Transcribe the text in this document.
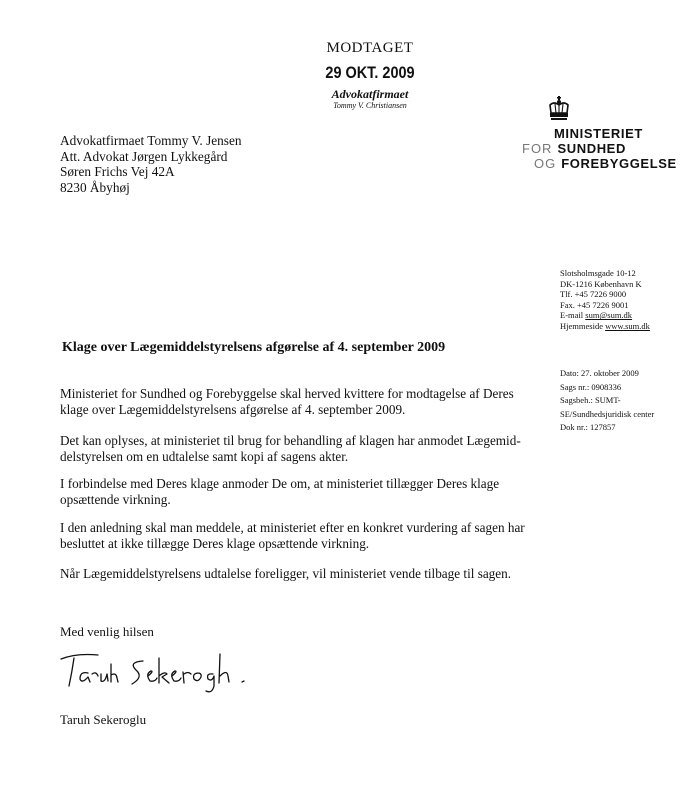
MODTAGET
29 OKT. 2009
Advokatfirmaet
Tommy V. Christiansen
Advokatfirmaet Tommy V. Jensen
Att. Advokat Jørgen Lykkegård
Søren Frichs Vej 42A
8230 Åbyhøj
MINISTERIET
FOR SUNDHED
OG FOREBYGGELSE
Slotsholmsgade 10-12
DK-1216 København K
Tlf. +45 7226 9000
Fax. +45 7226 9001
E-mail sum@sum.dk
Hjemmeside www.sum.dk
Dato: 27. oktober 2009
Sags nr.: 0908336
Sagsbeh.: SUMT-
SE/Sundhedsjuridisk center
Dok nr.: 127857
Klage over Lægemiddelstyrelsens afgørelse af 4. september 2009
Ministeriet for Sundhed og Forebyggelse skal herved kvittere for modtagelse af Deres
klage over Lægemiddelstyrelsens afgørelse af 4. september 2009.
Det kan oplyses, at ministeriet til brug for behandling af klagen har anmodet Lægemid-
delstyrelsen om en udtalelse samt kopi af sagens akter.
I forbindelse med Deres klage anmoder De om, at ministeriet tillægger Deres klage
opsættende virkning.
I den anledning skal man meddele, at ministeriet efter en konkret vurdering af sagen har
besluttet at ikke tillægge Deres klage opsættende virkning.
Når Lægemiddelstyrelsens udtalelse foreligger, vil ministeriet vende tilbage til sagen.
Med venlig hilsen
Taruh Sekeroglu
